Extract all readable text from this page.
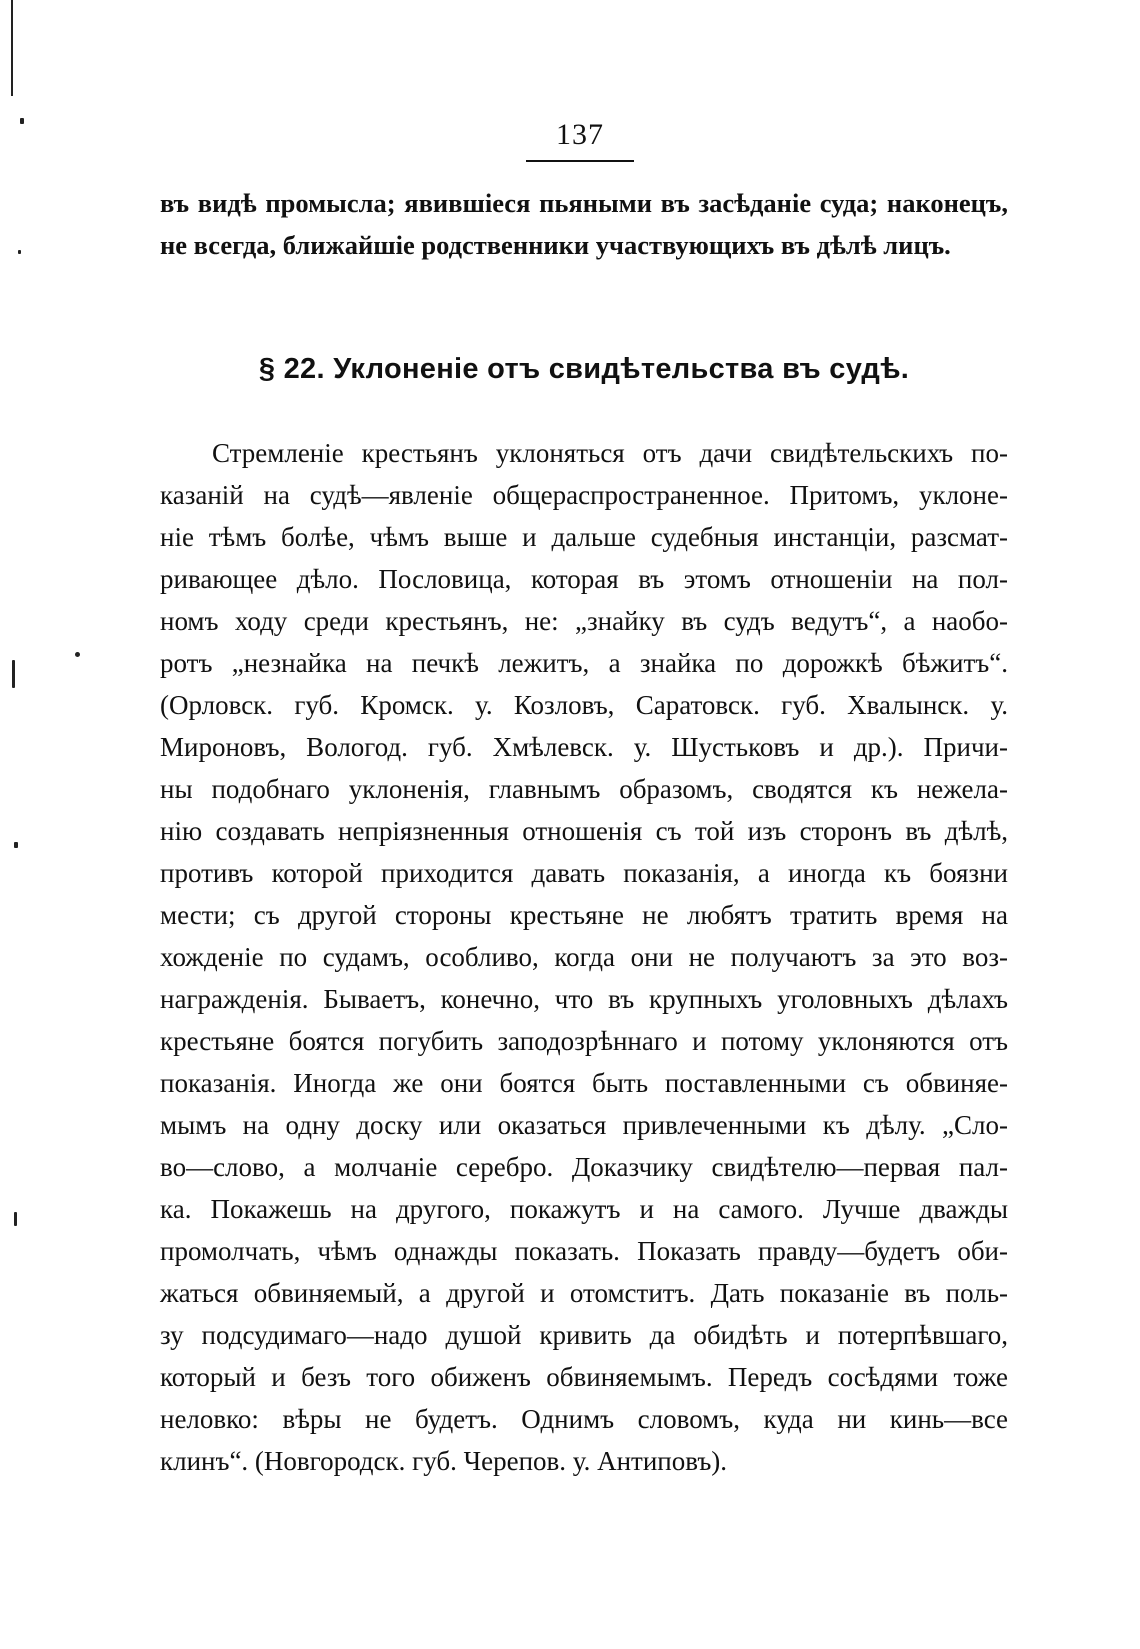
137
въ видѣ промысла; явившіеся пьяными въ засѣданіе суда; наконецъ,
не всегда, ближайшіе родственники участвующихъ въ дѣлѣ лицъ.
§ 22. Уклоненіе отъ свидѣтельства въ судѣ.
Стремленіе крестьянъ уклоняться отъ дачи свидѣтельскихъ по-
казаній на судѣ—явленіе общераспространенное. Притомъ, уклоне-
ніе тѣмъ болѣе, чѣмъ выше и дальше судебныя инстанціи, разсмат-
ривающее дѣло. Пословица, которая въ этомъ отношеніи на пол-
номъ ходу среди крестьянъ, не: „знайку въ судъ ведутъ“, а наобо-
ротъ „незнайка на печкѣ лежитъ, а знайка по дорожкѣ бѣжитъ“.
(Орловск. губ. Кромск. у. Козловъ, Саратовск. губ. Хвалынск. у.
Мироновъ, Вологод. губ. Хмѣлевск. у. Шустьковъ и др.). Причи-
ны подобнаго уклоненія, главнымъ образомъ, сводятся къ нежела-
нію создавать непріязненныя отношенія съ той изъ сторонъ въ дѣлѣ,
противъ которой приходится давать показанія, а иногда къ боязни
мести; съ другой стороны крестьяне не любятъ тратить время на
хожденіе по судамъ, особливо, когда они не получаютъ за это воз-
награжденія. Бываетъ, конечно, что въ крупныхъ уголовныхъ дѣлахъ
крестьяне боятся погубить заподозрѣннаго и потому уклоняются отъ
показанія. Иногда же они боятся быть поставленными съ обвиняе-
мымъ на одну доску или оказаться привлеченными къ дѣлу. „Сло-
во—слово, а молчаніе серебро. Доказчику свидѣтелю—первая пал-
ка. Покажешь на другого, покажутъ и на самого. Лучше дважды
промолчать, чѣмъ однажды показать. Показать правду—будетъ оби-
жаться обвиняемый, а другой и отомститъ. Дать показаніе въ поль-
зу подсудимаго—надо душой кривить да обидѣть и потерпѣвшаго,
который и безъ того обиженъ обвиняемымъ. Передъ сосѣдями тоже
неловко: вѣры не будетъ. Однимъ словомъ, куда ни кинь—все
клинъ“. (Новгородск. губ. Черепов. у. Антиповъ).
